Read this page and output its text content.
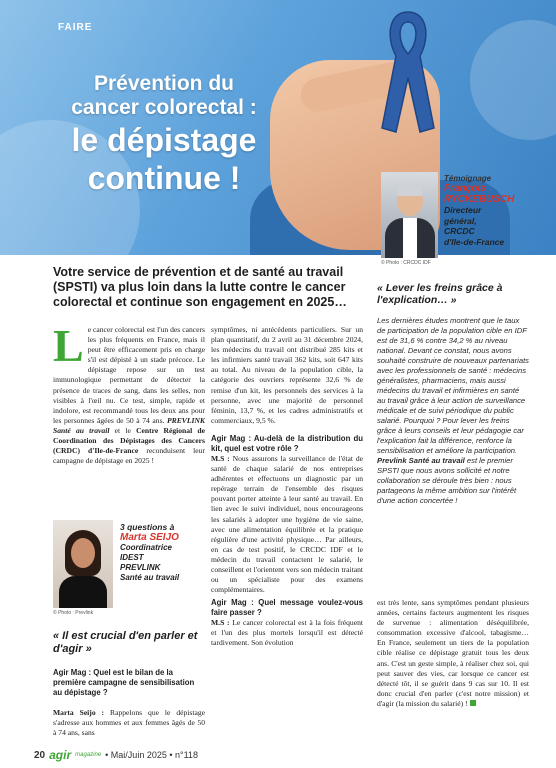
FAIRE
Prévention du
cancer colorectal :
le dépistage
continue !
© Photo : CRCDC IDF
Témoignage
François
RYCKEBUSCH
Directeur
général,
CRCDC
d'Ile-de-France
Votre service de prévention et de santé au travail (SPSTI) va plus loin dans la lutte contre le cancer colorectal et continue son engagement en 2025…
Le cancer colorectal est l'un des cancers les plus fréquents en France, mais il peut être efficacement pris en charge s'il est dépisté à un stade précoce. Le dépistage repose sur un test immunologique permettant de détecter la présence de traces de sang, dans les selles, non visibles à l'œil nu. Ce test, simple, rapide et indolore, est recommandé tous les deux ans pour les personnes âgées de 50 à 74 ans. PREVLINK Santé au travail et le Centre Régional de Coordination des Dépistages des Cancers (CRDC) d'Ile-de-France reconduisent leur campagne de dépistage en 2025 !
© Photo : Prevlink
3 questions à
Marta SEIJO
Coordinatrice
IDEST
PREVLINK
Santé au travail
« Il est crucial d'en parler et d'agir »
Agir Mag : Quel est le bilan de la première campagne de sensibilisation au dépistage ?
Marta Seijo : Rappelons que le dépistage s'adresse aux hommes et aux femmes âgés de 50 à 74 ans, sans
symptômes, ni antécédents particuliers. Sur un plan quantitatif, du 2 avril au 31 décembre 2024, les médecins du travail ont distribué 285 kits et les infirmiers santé travail 362 kits, soit 647 kits au total. Au niveau de la population cible, la catégorie des ouvriers représente 32,6 % de remise d'un kit, les personnels des services à la personne, avec une majorité de personnel féminin, 13,7 %, et les cadres administratifs et commerciaux, 9,5 %.
Agir Mag : Au-delà de la distribution du kit, quel est votre rôle ?
M.S : Nous assurons la surveillance de l'état de santé de chaque salarié de nos entreprises adhérentes et effectuons un diagnostic par un repérage terrain de l'ensemble des risques pouvant porter atteinte à leur santé au travail. En lien avec le suivi individuel, nous encourageons les salariés à adopter une hygiène de vie saine, avec une alimentation équilibrée et la pratique régulière d'une activité physique… Par ailleurs, en cas de test positif, le CRCDC IDF et le médecin du travail contactent le salarié, le conseillent et l'orientent vers son médecin traitant ou un spécialiste pour des examens complémentaires.
Agir Mag : Quel message voulez-vous faire passer ?
M.S : Le cancer colorectal est à la fois fréquent et l'un des plus mortels lorsqu'il est détecté tardivement. Son évolution
« Lever les freins grâce à l'explication… »
Les dernières études montrent que le taux de participation de la population cible en IDF est de 31,6 % contre 34,2 % au niveau national. Devant ce constat, nous avons souhaité construire de nouveaux partenariats avec les professionnels de santé : médecins généralistes, pharmaciens, mais aussi médecins du travail et infirmières en santé au travail grâce à leur action de surveillance médicale et de suivi périodique du public salarié. Pourquoi ? Pour lever les freins grâce à leurs conseils et leur pédagogie car l'explication fait la différence, renforce la sensibilisation et améliore la participation. Prevlink Santé au travail est le premier SPSTI que nous avons sollicité et notre collaboration se déroule très bien : nous partageons la même ambition sur l'intérêt d'une action concertée !
est très lente, sans symptômes pendant plusieurs années, certains facteurs augmentent les risques de survenue : alimentation déséquilibrée, consommation excessive d'alcool, tabagisme… En France, seulement un tiers de la population cible réalise ce dépistage gratuit tous les deux ans. C'est un geste simple, à réaliser chez soi, qui peut sauver des vies, car lorsque ce cancer est détecté tôt, il se guérit dans 9 cas sur 10. Il est donc crucial d'en parler (c'est notre mission) et d'agir (la mission du salarié) !
20 agir magazine • Mai/Juin 2025 • n°118
